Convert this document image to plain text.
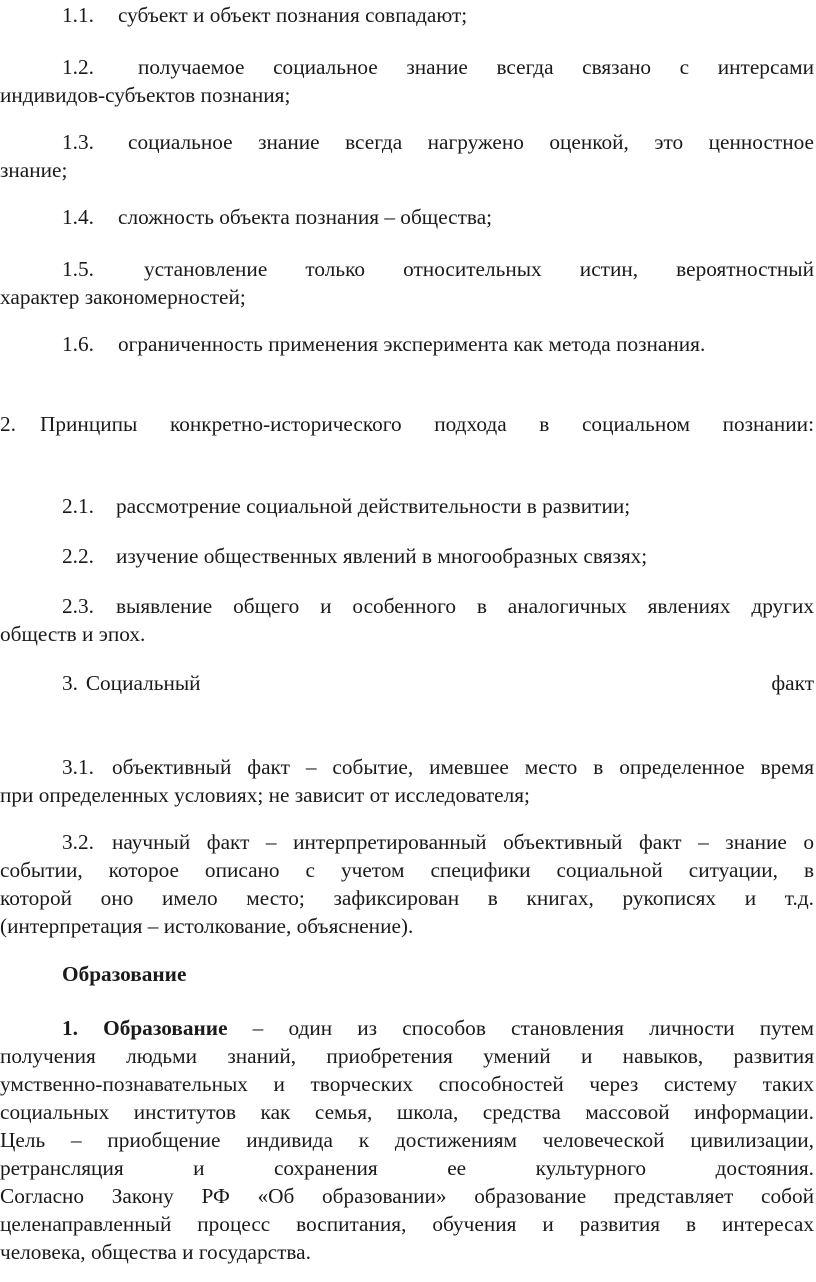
1.1. субъект и объект познания совпадают;
1.2. получаемое социальное знание всегда связано с интерсами
индивидов-субъектов познания;
1.3. социальное знание всегда нагружено оценкой, это ценностное
знание;
1.4. сложность объекта познания – общества;
1.5. установление только относительных истин, вероятностный
характер закономерностей;
1.6. ограниченность применения эксперимента как метода познания.
2. Принципы конкретно-исторического подхода в социальном познании:
2.1. рассмотрение социальной действительности в развитии;
2.2. изучение общественных явлений в многообразных связях;
2.3. выявление общего и особенного в аналогичных явлениях других
обществ и эпох.
3. Социальный                                                                         факт
3.1. объективный факт – событие, имевшее место в определенное время
при определенных условиях; не зависит от исследователя;
3.2. научный факт – интерпретированный объективный факт – знание о
событии, которое описано с учетом специфики социальной ситуации, в
которой оно имело место; зафиксирован в книгах, рукописях и т.д.
(интерпретация – истолкование, объяснение).
Образование
1. Образование – один из способов становления личности путем
получения людьми знаний, приобретения умений и навыков, развития
умственно-познавательных и творческих способностей через систему таких
социальных институтов как семья, школа, средства массовой информации.
Цель – приобщение индивида к достижениям человеческой цивилизации,
ретрансляция и сохранения ее культурного достояния.
Согласно Закону РФ «Об образовании» образование представляет собой
целенаправленный процесс воспитания, обучения и развития в интересах
человека, общества и государства.
